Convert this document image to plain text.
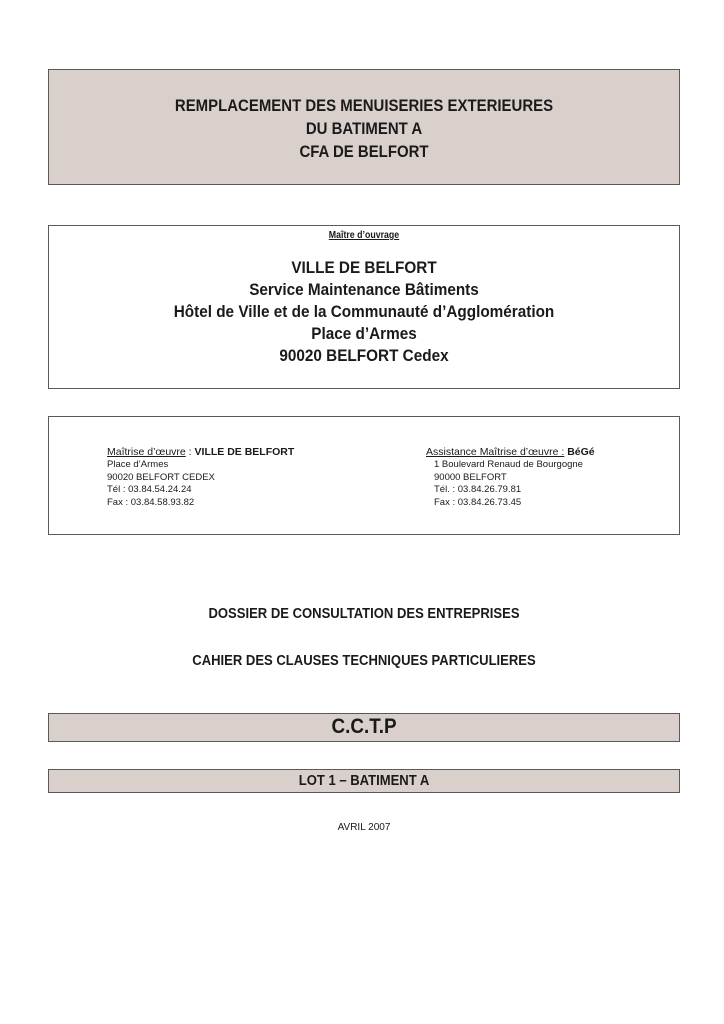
REMPLACEMENT DES MENUISERIES EXTERIEURES
DU BATIMENT A
CFA DE BELFORT
Maître d’ouvrage
VILLE DE BELFORT
Service Maintenance Bâtiments
Hôtel de Ville et de la Communauté d’Agglomération
Place d’Armes
90020 BELFORT Cedex
Maîtrise d’œuvre : VILLE DE BELFORT
Place d’Armes
90020 BELFORT CEDEX
Tél : 03.84.54.24.24
Fax : 03.84.58.93.82
Assistance Maîtrise d’œuvre : BéGé
1 Boulevard Renaud de Bourgogne
90000 BELFORT
Tél. : 03.84.26.79.81
Fax : 03.84.26.73.45
DOSSIER DE CONSULTATION DES ENTREPRISES
CAHIER DES CLAUSES TECHNIQUES PARTICULIERES
C.C.T.P
LOT 1 – BATIMENT A
AVRIL 2007
